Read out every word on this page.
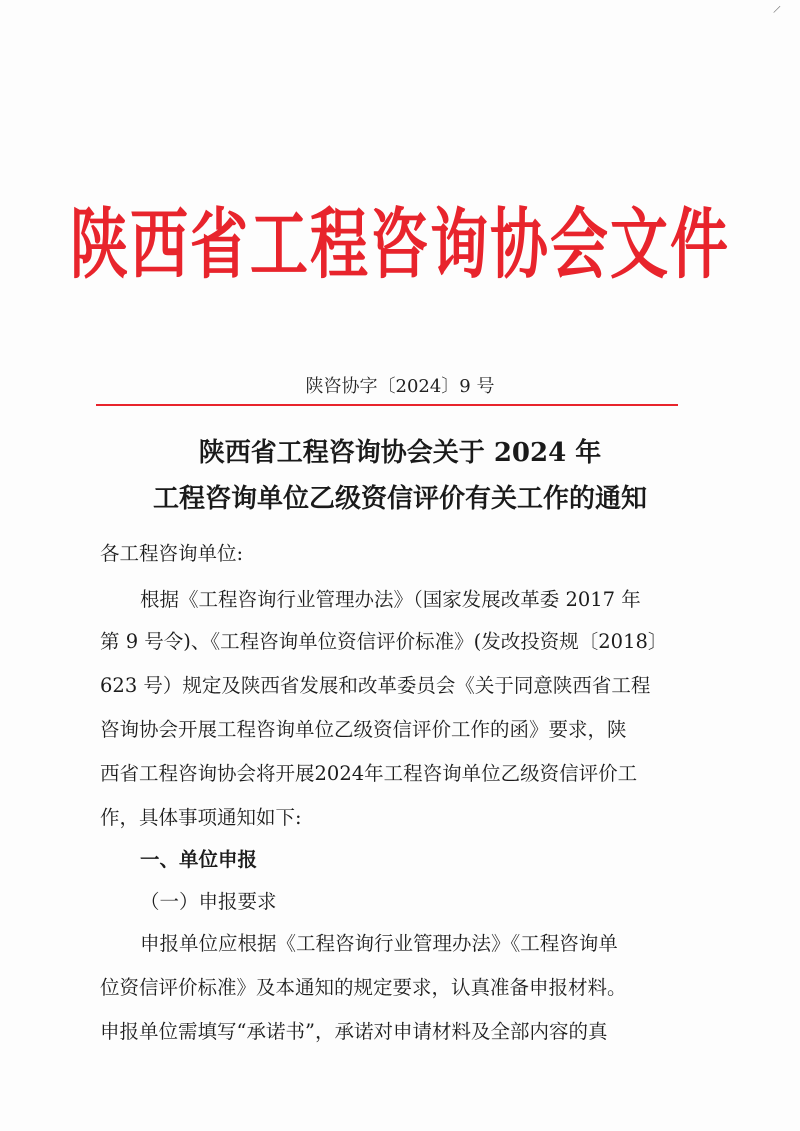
—
陕西省工程咨询协会文件
陕咨协字〔2024〕9 号
陕西省工程咨询协会关于 2024 年
工程咨询单位乙级资信评价有关工作的通知
各工程咨询单位:
根据《工程咨询行业管理办法》（国家发展改革委 2017 年
第 9 号令)、《工程咨询单位资信评价标准》(发改投资规〔2018〕
623 号）规定及陕西省发展和改革委员会《关于同意陕西省工程
咨询协会开展工程咨询单位乙级资信评价工作的函》要求，陕
西省工程咨询协会将开展2024年工程咨询单位乙级资信评价工
作，具体事项通知如下:
一、单位申报
（一）申报要求
申报单位应根据《工程咨询行业管理办法》《工程咨询单
位资信评价标准》及本通知的规定要求，认真准备申报材料。
申报单位需填写“承诺书”，承诺对申请材料及全部内容的真
